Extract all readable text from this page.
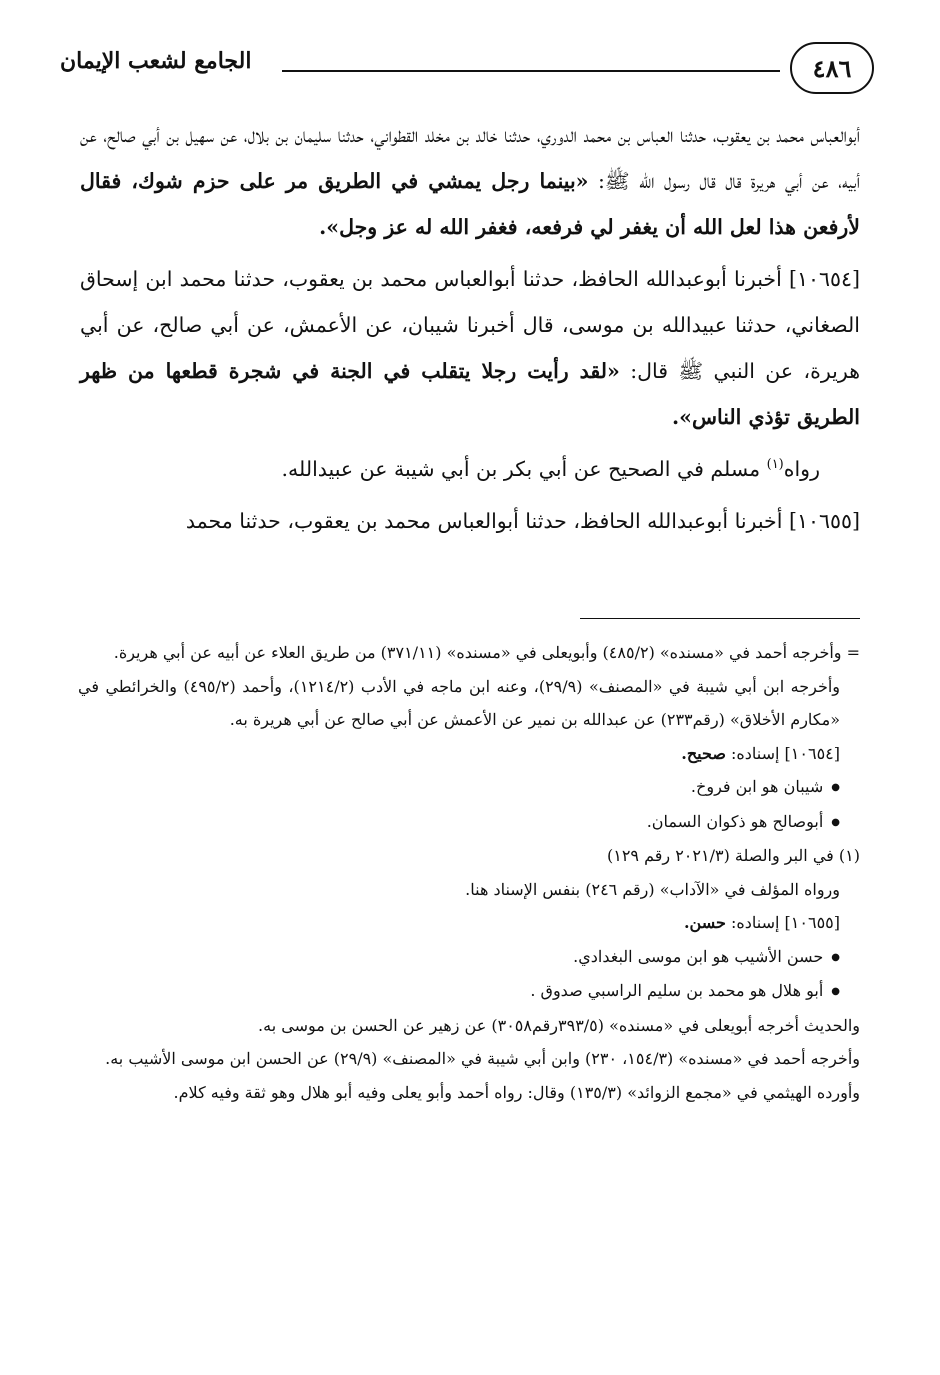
الجامع لشعب الإيمان	٤٨٦

أبوالعباس محمد بن يعقوب، حدثنا العباس بن محمد الدوري، حدثنا خالد بن مخلد القطواني، حدثنا سليمان بن بلال، عن سهيل بن أبي صالح، عن أبيه، عن أبي هريرة قال قال رسول الله ﷺ: «بينما رجل يمشي في الطريق مر على حزم شوك، فقال لأرفعن هذا لعل الله أن يغفر لي فرفعه، فغفر الله له عز وجل».

[١٠٦٥٤] أخبرنا أبوعبدالله الحافظ، حدثنا أبوالعباس محمد بن يعقوب، حدثنا محمد ابن إسحاق الصغاني، حدثنا عبيدالله بن موسى، قال أخبرنا شيبان، عن الأعمش، عن أبي صالح، عن أبي هريرة، عن النبي ﷺ قال: «لقد رأيت رجلا يتقلب في الجنة في شجرة قطعها من ظهر الطريق تؤذي الناس».

رواه$^{(١)}$ مسلم في الصحيح عن أبي بكر بن أبي شيبة عن عبيدالله.

[١٠٦٥٥] أخبرنا أبوعبدالله الحافظ، حدثنا أبوالعباس محمد بن يعقوب، حدثنا محمد

= وأخرجه أحمد في «مسنده» (٤٨٥/٢) وأبويعلى في «مسنده» (٣٧١/١١) من طريق العلاء عن أبيه عن أبي هريرة.

وأخرجه ابن أبي شيبة في «المصنف» (٢٩/٩)، وعنه ابن ماجه في الأدب (١٢١٤/٢)، وأحمد (٤٩٥/٢) والخرائطي في «مكارم الأخلاق» (رقم٢٣٣) عن عبدالله بن نمير عن الأعمش عن أبي صالح عن أبي هريرة به.

[١٠٦٥٤] إسناده: صحيح.

● شيبان هو ابن فروخ.

● أبوصالح هو ذكوان السمان.

(١) في البر والصلة (٢٠٢١/٣ رقم ١٢٩)

ورواه المؤلف في «الآداب» (رقم ٢٤٦) بنفس الإسناد هنا.

[١٠٦٥٥] إسناده: حسن.

● حسن الأشيب هو ابن موسى البغدادي.

● أبو هلال هو محمد بن سليم الراسبي صدوق .

والحديث أخرجه أبويعلى في «مسنده» (٣٩٣/٥رقم٣٠٥٨) عن زهير عن الحسن بن موسى به.

وأخرجه أحمد في «مسنده» (١٥٤/٣، ٢٣٠) وابن أبي شيبة في «المصنف» (٢٩/٩) عن الحسن ابن موسى الأشيب به.

وأورده الهيثمي في «مجمع الزوائد» (١٣٥/٣) وقال: رواه أحمد وأبو يعلى وفيه أبو هلال وهو ثقة وفيه كلام.
